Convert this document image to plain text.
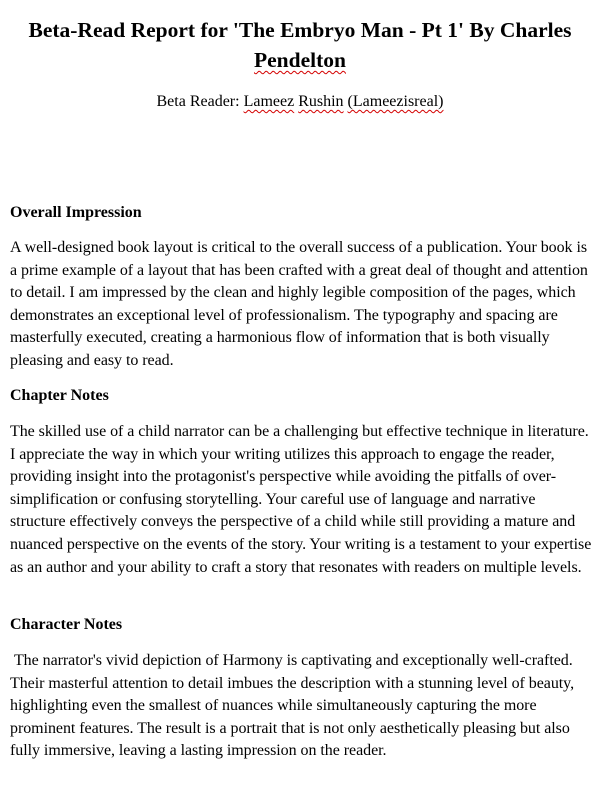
Beta-Read Report for 'The Embryo Man - Pt 1' By Charles
Pendelton
Beta Reader: Lameez Rushin (Lameezisreal)
Overall Impression

A well-designed book layout is critical to the overall success of a publication. Your book is a prime example of a layout that has been crafted with a great deal of thought and attention to detail. I am impressed by the clean and highly legible composition of the pages, which demonstrates an exceptional level of professionalism. The typography and spacing are masterfully executed, creating a harmonious flow of information that is both visually pleasing and easy to read.

Chapter Notes

The skilled use of a child narrator can be a challenging but effective technique in literature. I appreciate the way in which your writing utilizes this approach to engage the reader, providing insight into the protagonist's perspective while avoiding the pitfalls of over-simplification or confusing storytelling. Your careful use of language and narrative structure effectively conveys the perspective of a child while still providing a mature and nuanced perspective on the events of the story. Your writing is a testament to your expertise as an author and your ability to craft a story that resonates with readers on multiple levels.

Character Notes

The narrator's vivid depiction of Harmony is captivating and exceptionally well-crafted. Their masterful attention to detail imbues the description with a stunning level of beauty, highlighting even the smallest of nuances while simultaneously capturing the more prominent features. The result is a portrait that is not only aesthetically pleasing but also fully immersive, leaving a lasting impression on the reader.
